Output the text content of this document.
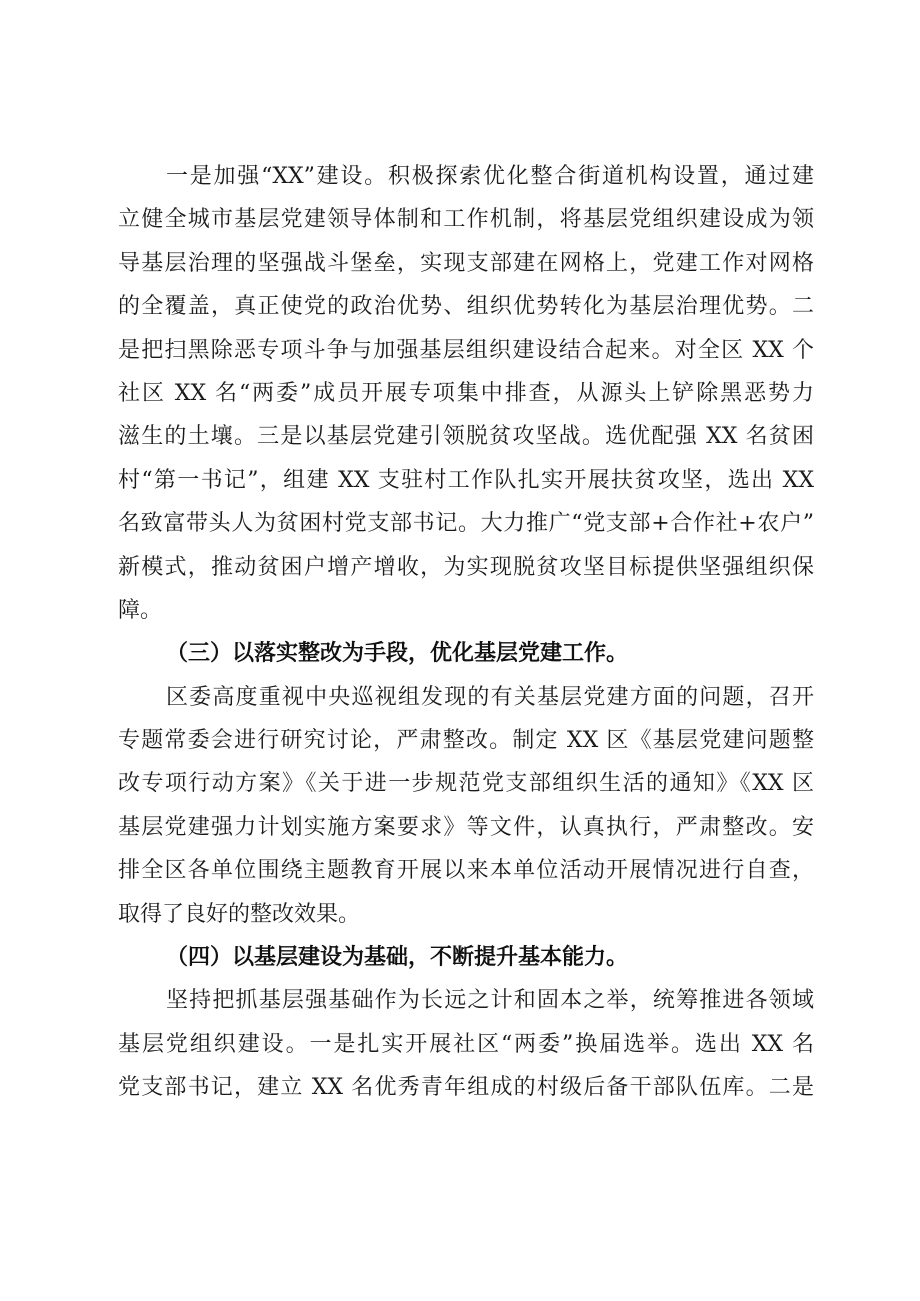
一是加强“XX”建设。积极探索优化整合街道机构设置，通过建
立健全城市基层党建领导体制和工作机制，将基层党组织建设成为领
导基层治理的坚强战斗堡垒，实现支部建在网格上，党建工作对网格
的全覆盖，真正使党的政治优势、组织优势转化为基层治理优势。二
是把扫黑除恶专项斗争与加强基层组织建设结合起来。对全区 XX 个
社区 XX 名“两委”成员开展专项集中排查，从源头上铲除黑恶势力
滋生的土壤。三是以基层党建引领脱贫攻坚战。选优配强 XX 名贫困
村“第一书记”，组建 XX 支驻村工作队扎实开展扶贫攻坚，选出 XX
名致富带头人为贫困村党支部书记。大力推广“党支部+合作社+农户”
新模式，推动贫困户增产增收，为实现脱贫攻坚目标提供坚强组织保
障。
（三）以落实整改为手段，优化基层党建工作。
区委高度重视中央巡视组发现的有关基层党建方面的问题，召开
专题常委会进行研究讨论，严肃整改。制定 XX 区《基层党建问题整
改专项行动方案》《关于进一步规范党支部组织生活的通知》《XX 区
基层党建强力计划实施方案要求》等文件，认真执行，严肃整改。安
排全区各单位围绕主题教育开展以来本单位活动开展情况进行自查，
取得了良好的整改效果。
（四）以基层建设为基础，不断提升基本能力。
坚持把抓基层强基础作为长远之计和固本之举，统筹推进各领域
基层党组织建设。一是扎实开展社区“两委”换届选举。选出 XX 名
党支部书记，建立 XX 名优秀青年组成的村级后备干部队伍库。二是
